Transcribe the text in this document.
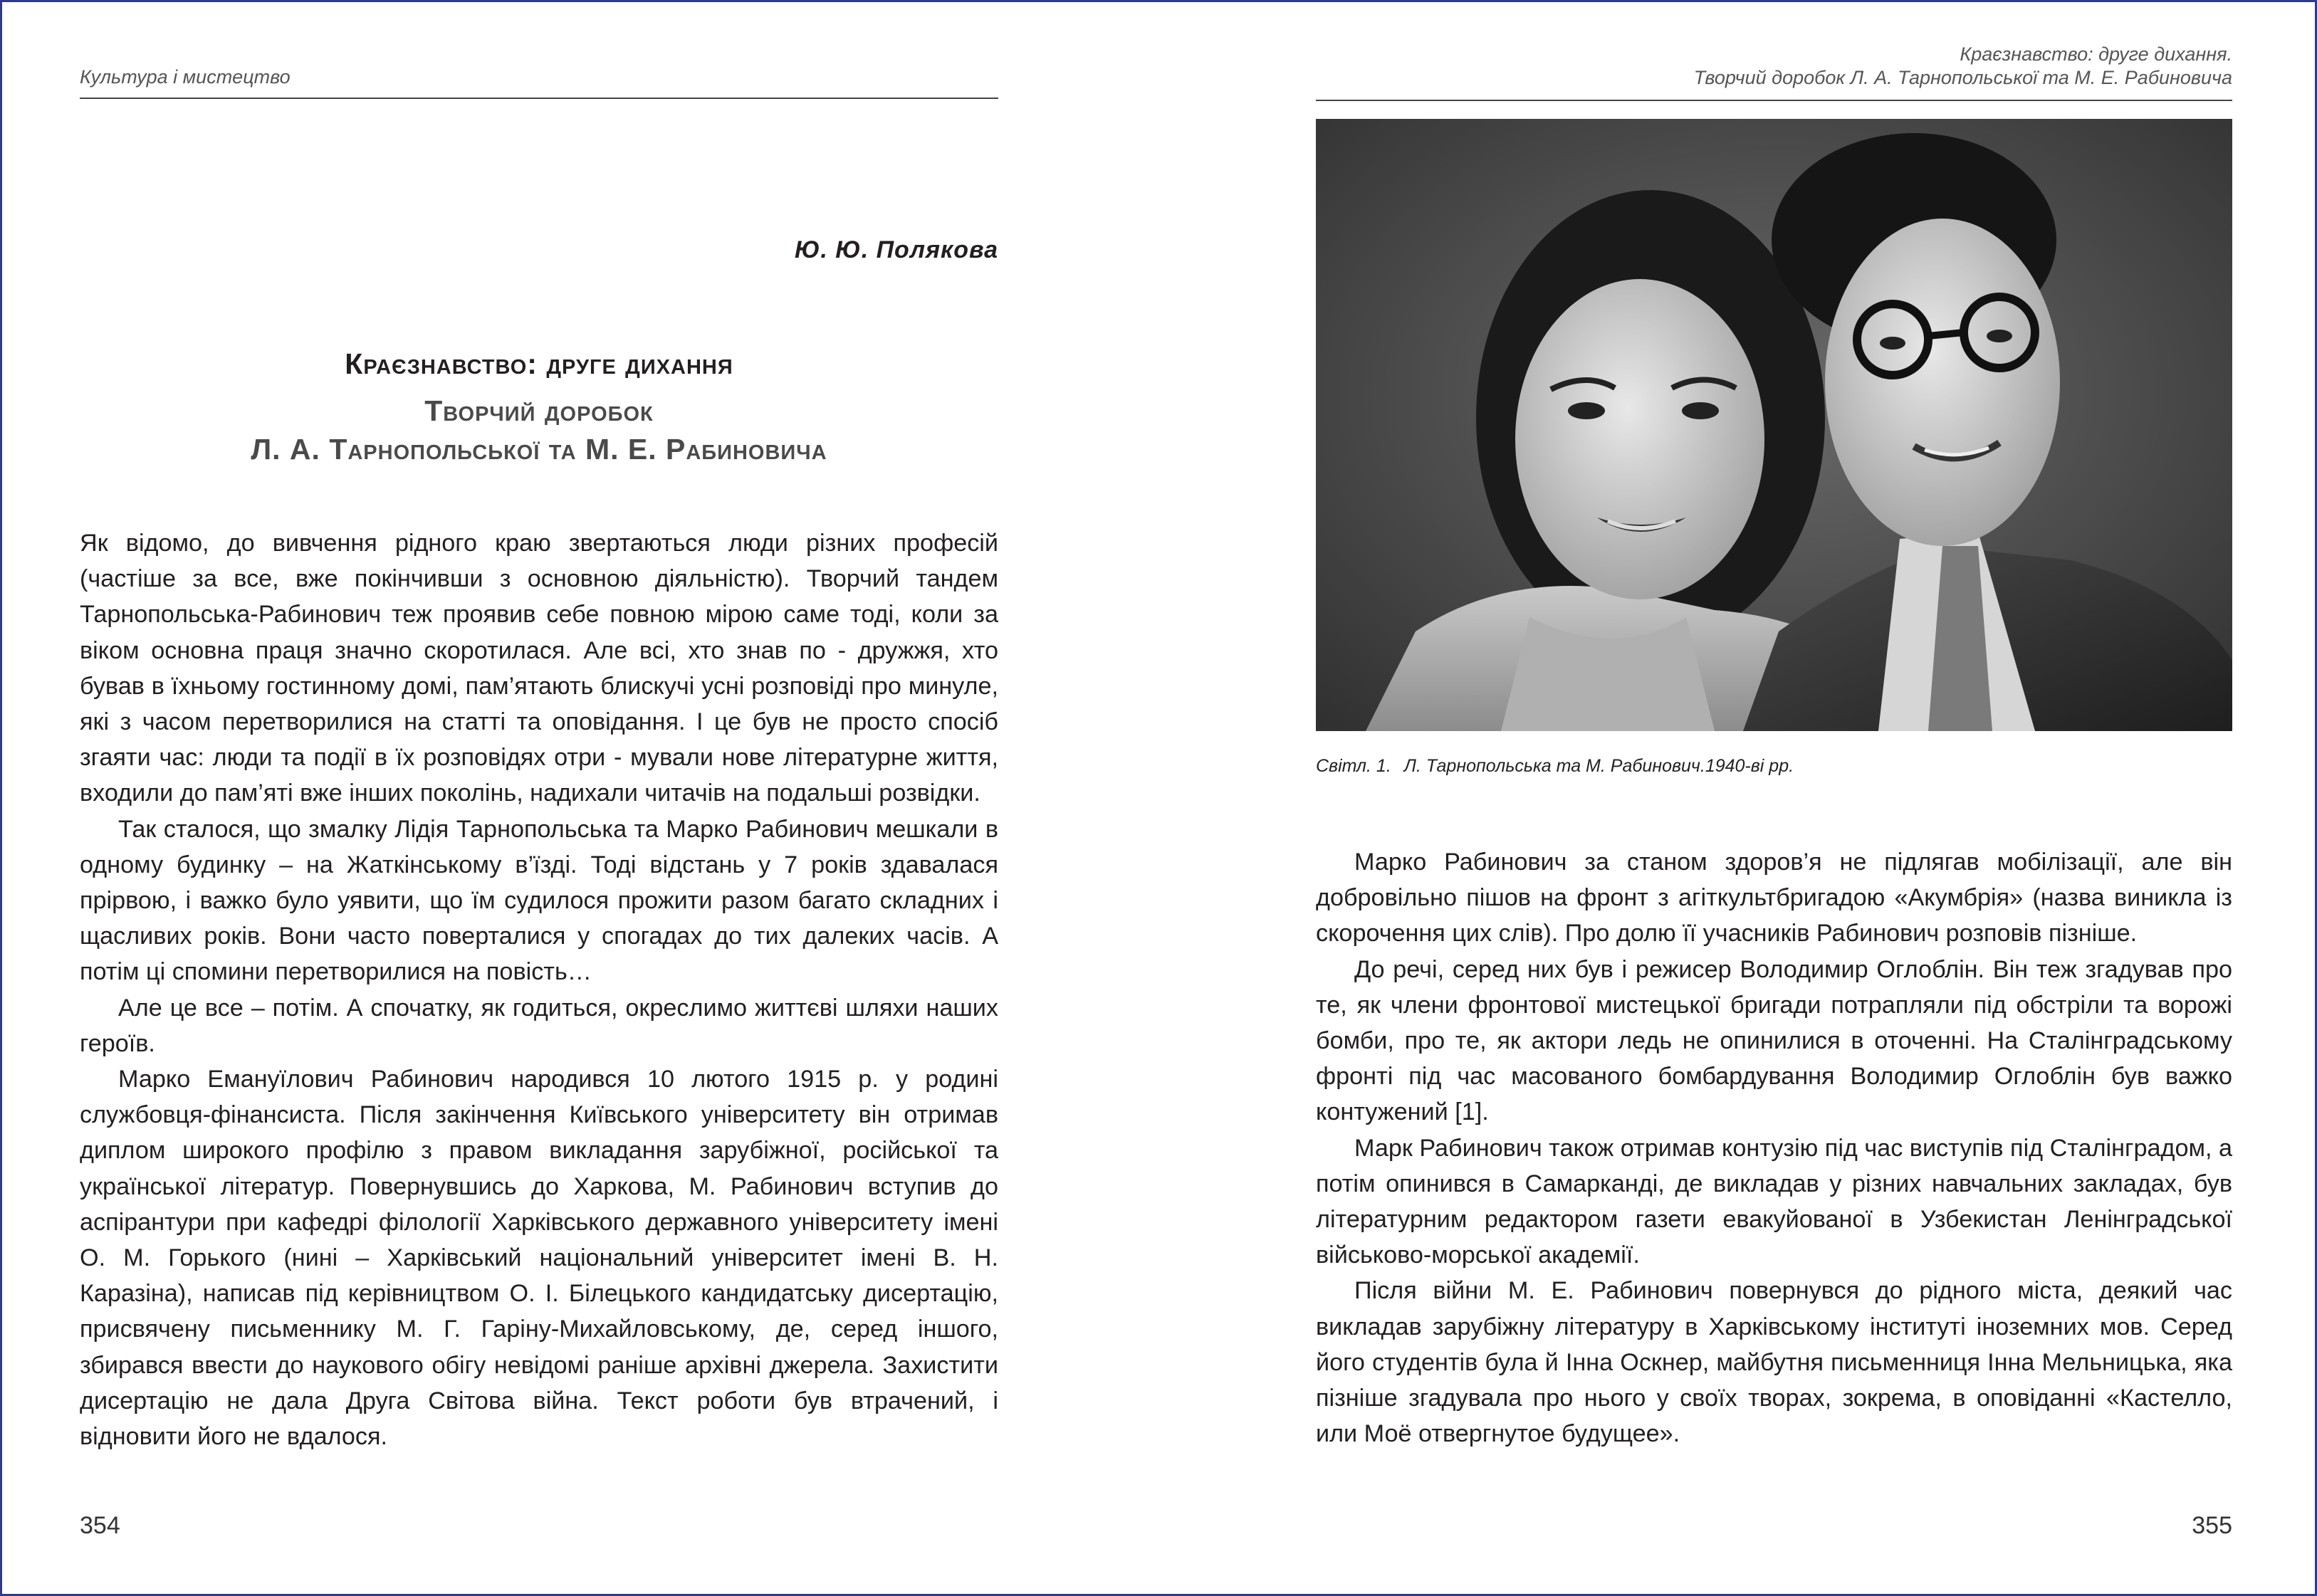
Культура і мистецтво
Ю. Ю. Полякова
Краєзнавство: друге дихання
Творчий доробок
Л. А. Тарнопольської та М. Е. Рабиновича

Як відомо, до вивчення рідного краю звертаються люди різних професій (частіше за все, вже покінчивши з основною діяльністю). Творчий тандем Тарнопольська-Рабинович теж проявив себе повною мірою саме тоді, коли за віком основна праця значно скоротилася. Але всі, хто знав по - дружжя, хто бував в їхньому гостинному домі, пам’ятають блискучі усні розповіді про минуле, які з часом перетворилися на статті та оповідання. І це був не просто спосіб згаяти час: люди та події в їх розповідях отри - мували нове літературне життя, входили до пам’яті вже інших поколінь, надихали читачів на подальші розвідки.

Так сталося, що змалку Лідія Тарнопольська та Марко Рабинович мешкали в одному будинку – на Жаткінському в’їзді. Тоді відстань у 7 років здавалася прірвою, і важко було уявити, що їм судилося прожити разом багато складних і щасливих років. Вони часто поверталися у спогадах до тих далеких часів. А потім ці спомини перетворилися на повість…

Але це все – потім. А спочатку, як годиться, окреслимо життєві шляхи наших героїв.

Марко Емануїлович Рабинович народився 10 лютого 1915 р. у родині службовця-фінансиста. Після закінчення Київського університету він отримав диплом широкого профілю з правом викладання зарубіжної, російської та української літератур. Повернувшись до Харкова, М. Рабинович вступив до аспірантури при кафедрі філології Харківського державного університету імені О. М. Горького (нині – Харківський національний університет імені В. Н. Каразіна), написав під керівництвом О. І. Білецького кандидатську дисертацію, присвячену письменнику М. Г. Гаріну-Михайловському, де, серед іншого, збирався ввести до наукового обігу невідомі раніше архівні джерела. Захистити дисертацію не дала Друга Світова війна. Текст роботи був втрачений, і відновити його не вдалося.

354
Краєзнавство: друге дихання.
Творчий доробок Л. А. Тарнопольської та М. Е. Рабиновича
Світл. 1. Л. Тарнопольська та М. Рабинович.1940-ві рр.

Марко Рабинович за станом здоров’я не підлягав мобілізації, але він добровільно пішов на фронт з агіткультбригадою «Акумбрія» (назва виникла із скорочення цих слів). Про долю її учасників Рабинович розповів пізніше.

До речі, серед них був і режисер Володимир Оглоблін. Він теж згадував про те, як члени фронтової мистецької бригади потрапляли під обстріли та ворожі бомби, про те, як актори ледь не опинилися в оточенні. На Сталінградському фронті під час масованого бомбардування Володимир Оглоблін був важко контужений [1].

Марк Рабинович також отримав контузію під час виступів під Сталінградом, а потім опинився в Самарканді, де викладав у різних навчальних закладах, був літературним редактором газети евакуйованої в Узбекистан Ленінградської військово-морської академії.

Після війни М. Е. Рабинович повернувся до рідного міста, деякий час викладав зарубіжну літературу в Харківському інституті іноземних мов. Серед його студентів була й Інна Оскнер, майбутня письменниця Інна Мельницька, яка пізніше згадувала про нього у своїх творах, зокрема, в оповіданні «Кастелло, или Моё отвергнутое будущее».

355
